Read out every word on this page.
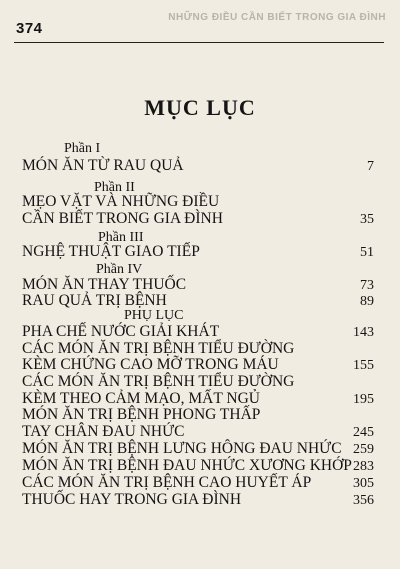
374
NHỮNG ĐIỀU CẦN BIẾT TRONG GIA ĐÌNH
MỤC LỤC
Phần I
Phần II
Phần III
Phần IV
PHỤ LỤC
MÓN ĂN TỪ RAU QUẢ	7
MẸO VẶT VÀ NHỮNG ĐIỀU
CẦN BIẾT TRONG GIA ĐÌNH	35
NGHỆ THUẬT GIAO TIẾP	51
MÓN ĂN THAY THUỐC	73
RAU QUẢ TRỊ BỆNH	89
PHA CHẾ NƯỚC GIẢI KHÁT	143
CÁC MÓN ĂN TRỊ BỆNH TIỂU ĐƯỜNG
KÈM CHỨNG CAO MỠ TRONG MÁU	155
CÁC MÓN ĂN TRỊ BỆNH TIỂU ĐƯỜNG
KÈM THEO CẢM MẠO, MẤT NGỦ	195
MÓN ĂN TRỊ BỆNH PHONG THẤP
TAY CHÂN ĐAU NHỨC	245
MÓN ĂN TRỊ BỆNH LƯNG HÔNG ĐAU NHỨC 259
MÓN ĂN TRỊ BỆNH ĐAU NHỨC XƯƠNG KHỚP 283
CÁC MÓN ĂN TRỊ BỆNH CAO HUYẾT ÁP	305
THUỐC HAY TRONG GIA ĐÌNH	356
